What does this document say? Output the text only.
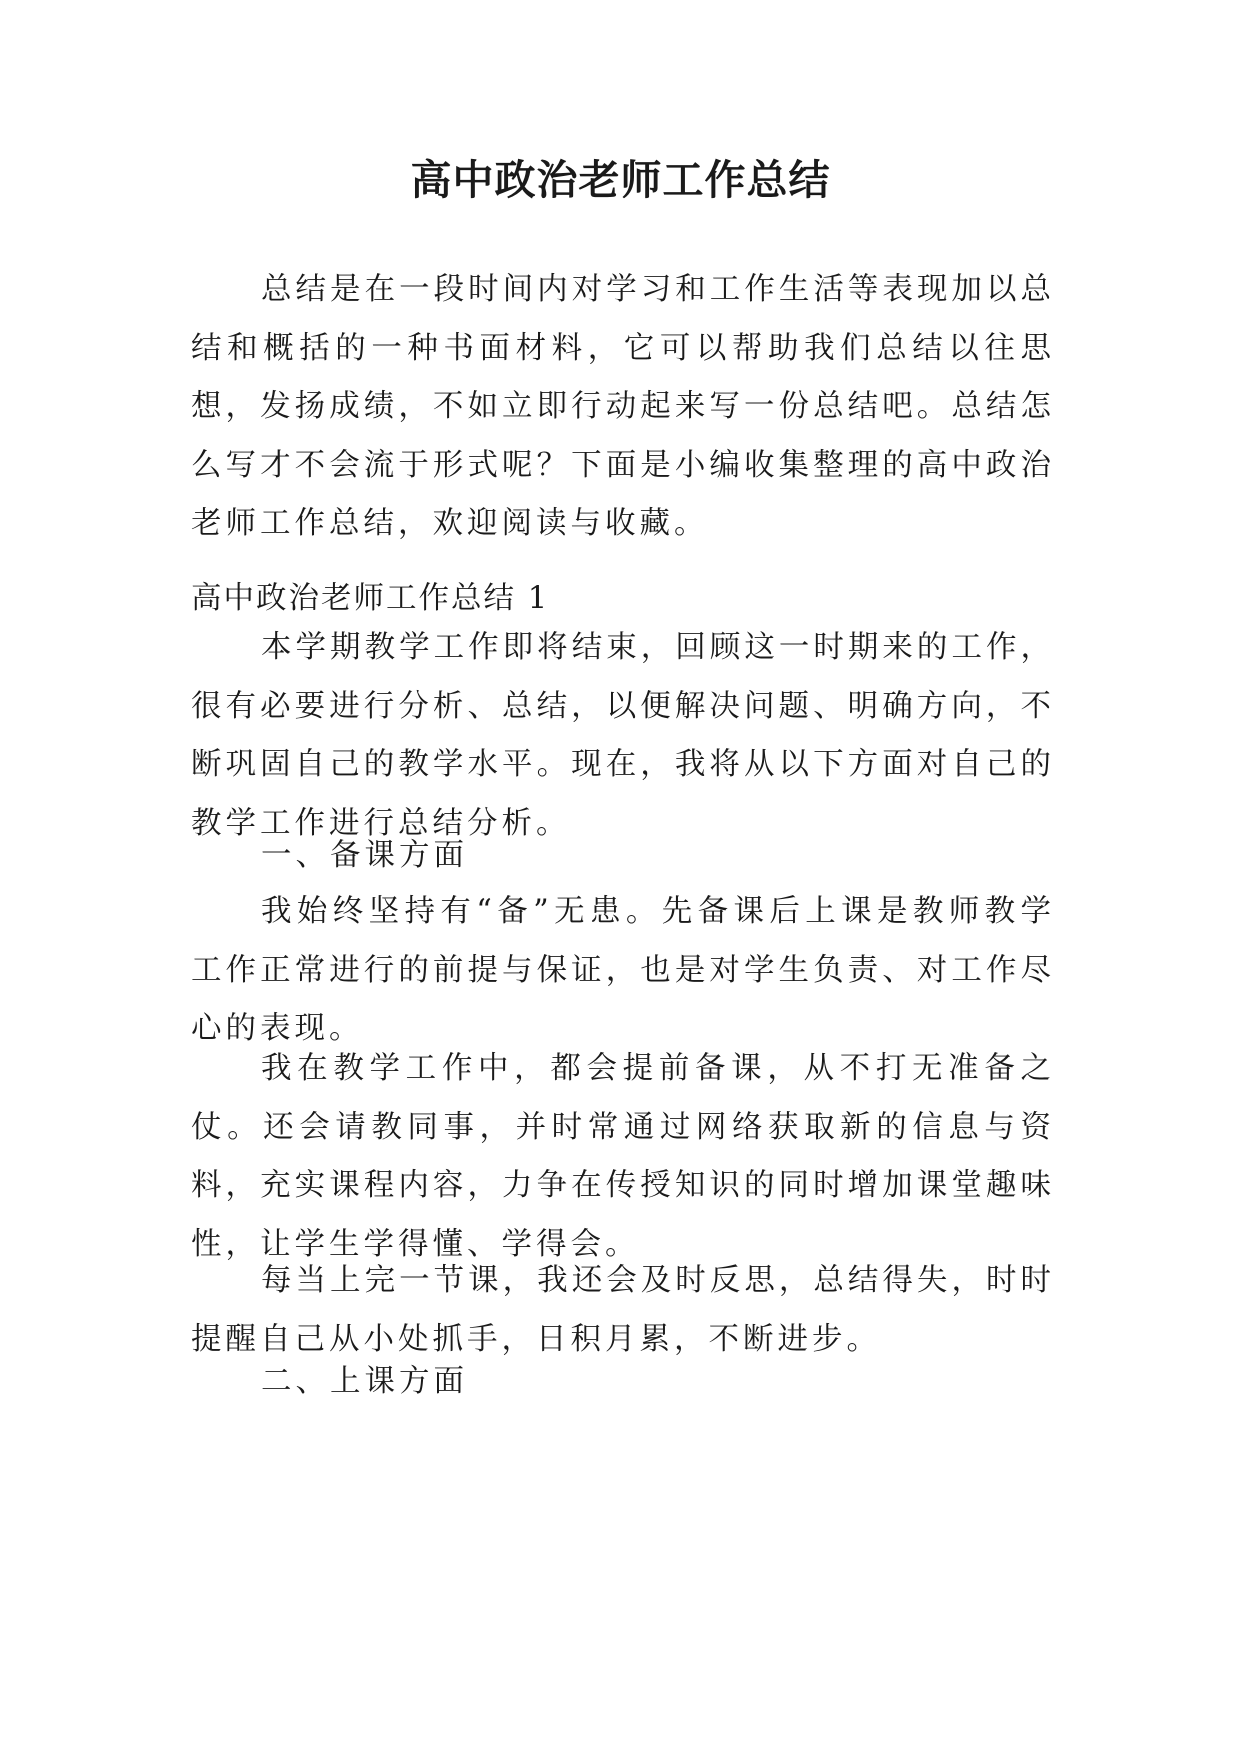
高中政治老师工作总结

总结是在一段时间内对学习和工作生活等表现加以总结和概括的一种书面材料，它可以帮助我们总结以往思想，发扬成绩，不如立即行动起来写一份总结吧。总结怎么写才不会流于形式呢？下面是小编收集整理的高中政治老师工作总结，欢迎阅读与收藏。

高中政治老师工作总结 1

本学期教学工作即将结束，回顾这一时期来的工作，很有必要进行分析、总结，以便解决问题、明确方向，不断巩固自己的教学水平。现在，我将从以下方面对自己的教学工作进行总结分析。

一、备课方面

我始终坚持有“备”无患。先备课后上课是教师教学工作正常进行的前提与保证，也是对学生负责、对工作尽心的表现。

我在教学工作中，都会提前备课，从不打无准备之仗。还会请教同事，并时常通过网络获取新的信息与资料，充实课程内容，力争在传授知识的同时增加课堂趣味性，让学生学得懂、学得会。

每当上完一节课，我还会及时反思，总结得失，时时提醒自己从小处抓手，日积月累，不断进步。

二、上课方面
